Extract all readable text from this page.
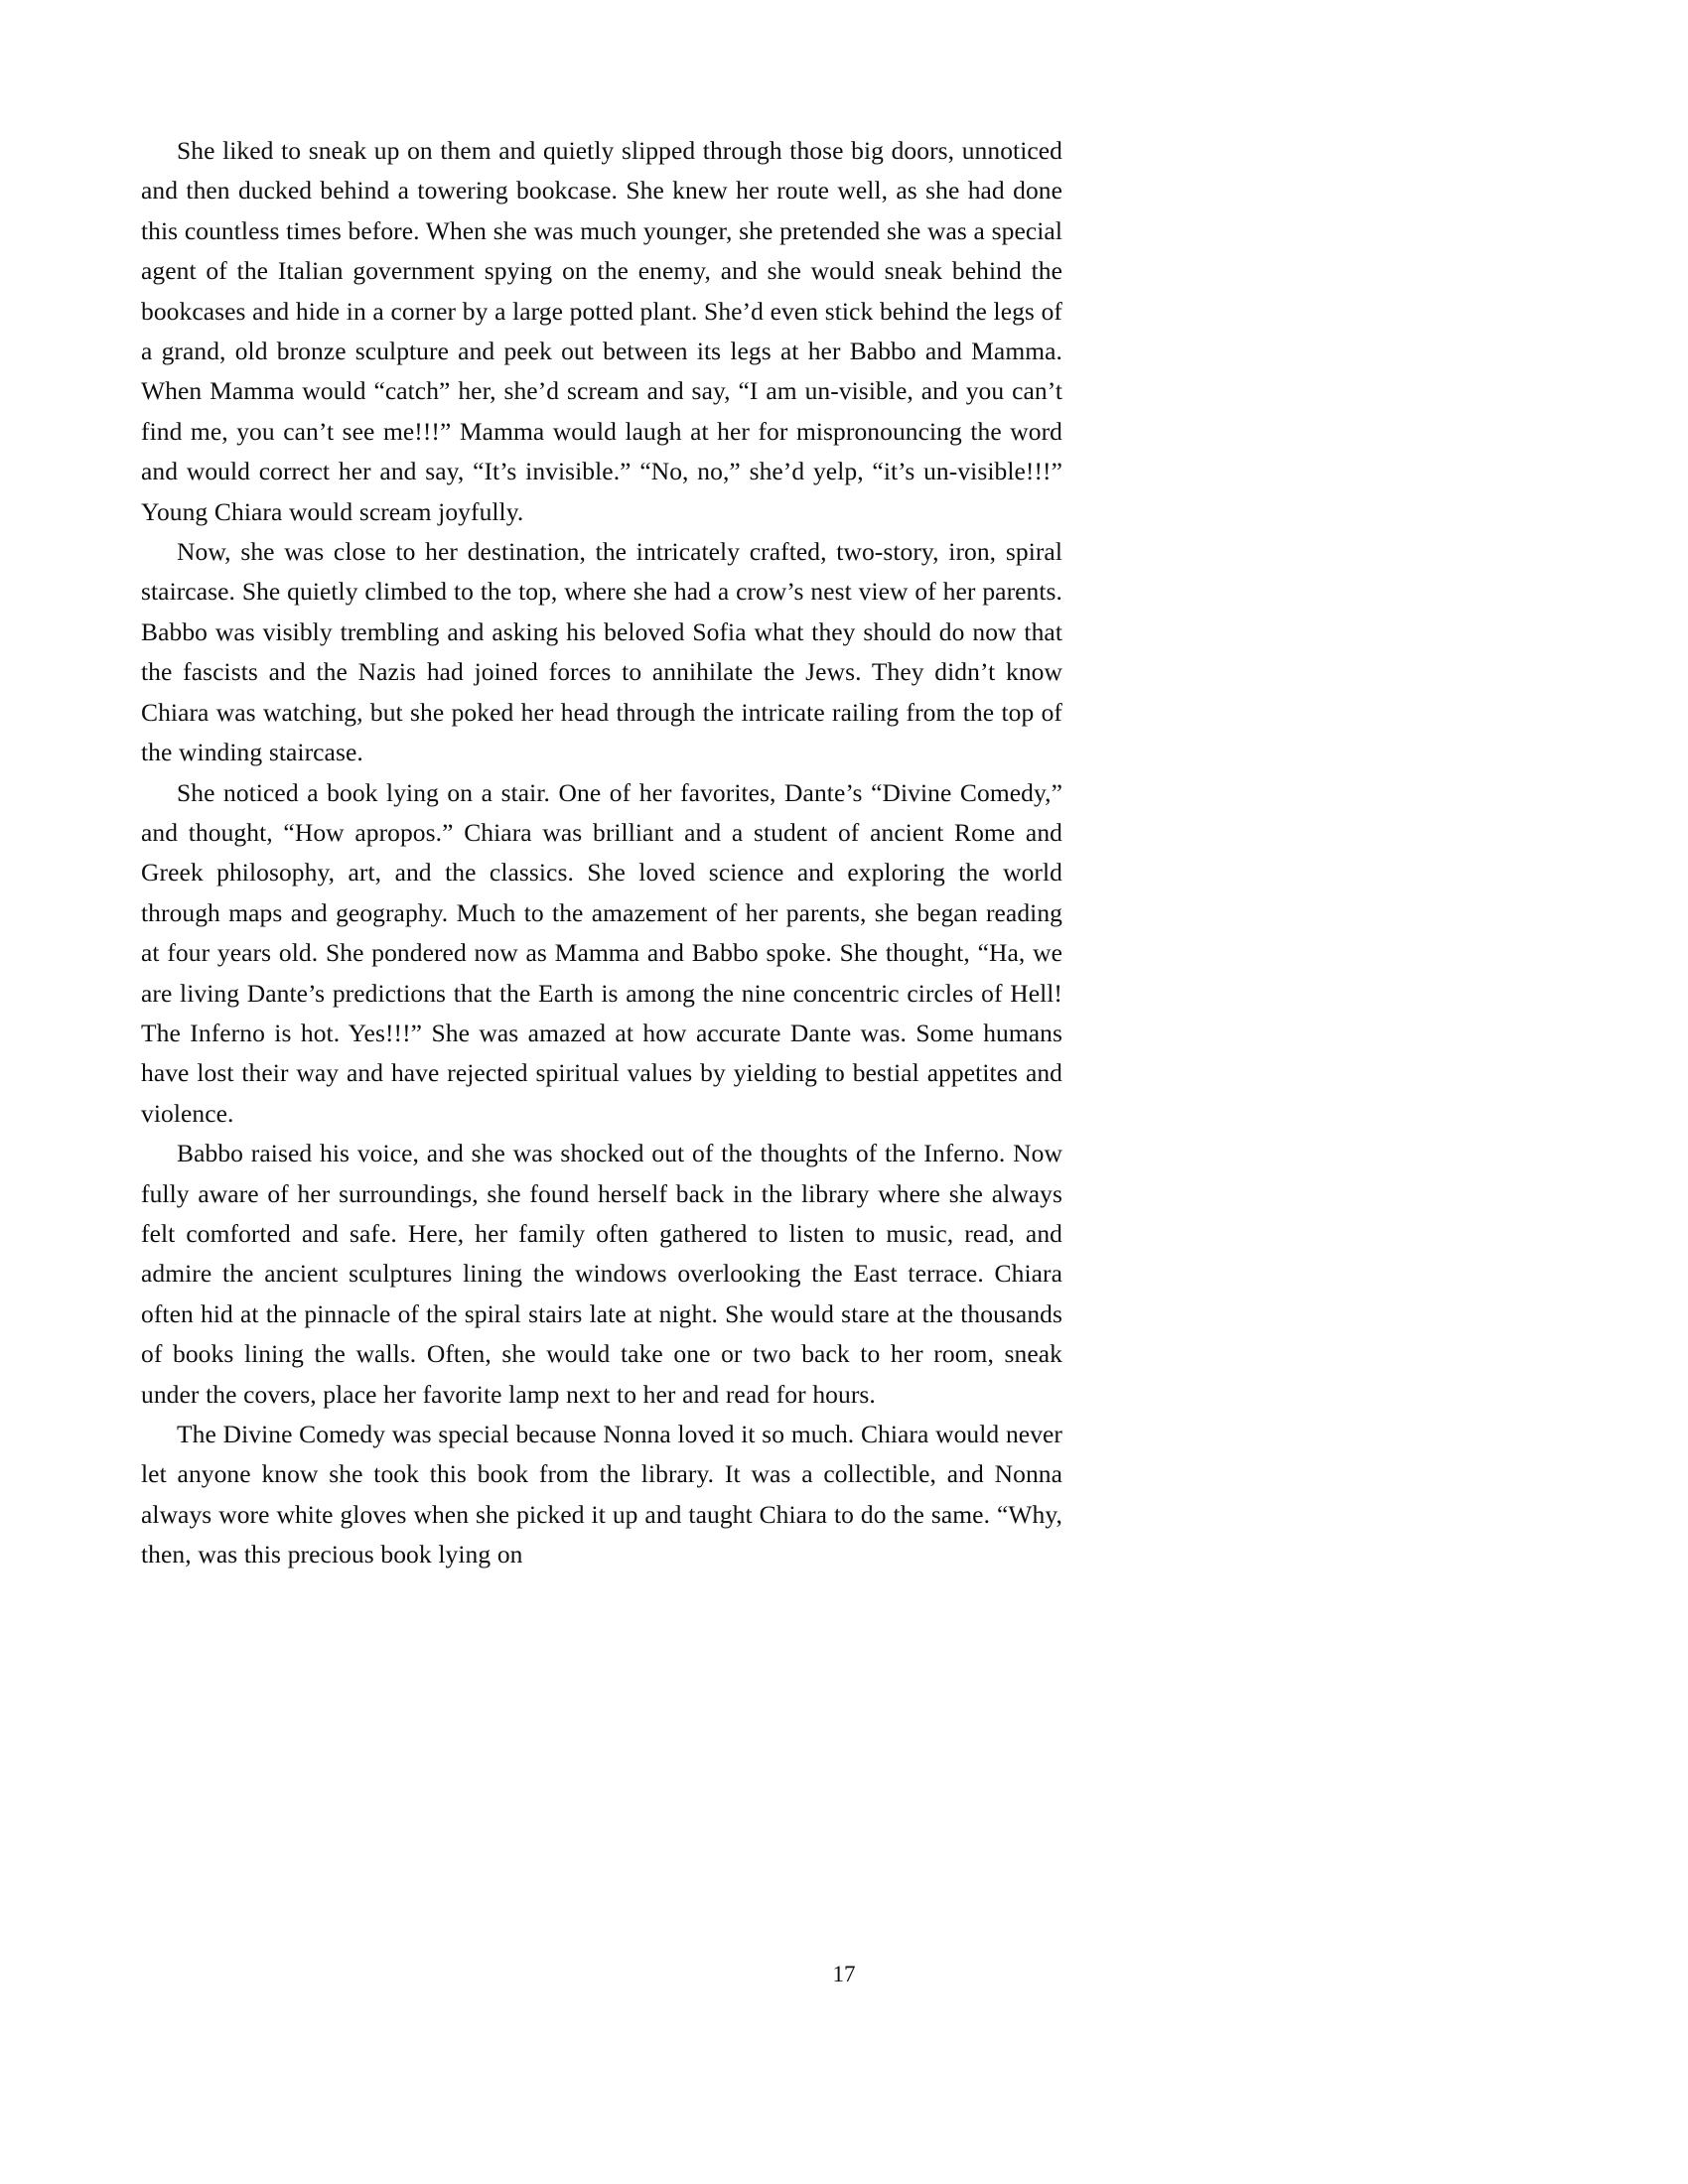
She liked to sneak up on them and quietly slipped through those big doors, unnoticed and then ducked behind a towering bookcase. She knew her route well, as she had done this countless times before. When she was much younger, she pretended she was a special agent of the Italian government spying on the enemy, and she would sneak behind the bookcases and hide in a corner by a large potted plant. She’d even stick behind the legs of a grand, old bronze sculpture and peek out between its legs at her Babbo and Mamma. When Mamma would “catch” her, she’d scream and say, “I am un-visible, and you can’t find me, you can’t see me!!!” Mamma would laugh at her for mispronouncing the word and would correct her and say, “It’s invisible.” “No, no,” she’d yelp, “it’s un-visible!!!” Young Chiara would scream joyfully.

Now, she was close to her destination, the intricately crafted, two-story, iron, spiral staircase. She quietly climbed to the top, where she had a crow’s nest view of her parents. Babbo was visibly trembling and asking his beloved Sofia what they should do now that the fascists and the Nazis had joined forces to annihilate the Jews. They didn’t know Chiara was watching, but she poked her head through the intricate railing from the top of the winding staircase.

She noticed a book lying on a stair. One of her favorites, Dante’s “Divine Comedy,” and thought, “How apropos.” Chiara was brilliant and a student of ancient Rome and Greek philosophy, art, and the classics. She loved science and exploring the world through maps and geography. Much to the amazement of her parents, she began reading at four years old. She pondered now as Mamma and Babbo spoke. She thought, “Ha, we are living Dante’s predictions that the Earth is among the nine concentric circles of Hell! The Inferno is hot. Yes!!!” She was amazed at how accurate Dante was. Some humans have lost their way and have rejected spiritual values by yielding to bestial appetites and violence.

Babbo raised his voice, and she was shocked out of the thoughts of the Inferno. Now fully aware of her surroundings, she found herself back in the library where she always felt comforted and safe. Here, her family often gathered to listen to music, read, and admire the ancient sculptures lining the windows overlooking the East terrace. Chiara often hid at the pinnacle of the spiral stairs late at night. She would stare at the thousands of books lining the walls. Often, she would take one or two back to her room, sneak under the covers, place her favorite lamp next to her and read for hours.

The Divine Comedy was special because Nonna loved it so much. Chiara would never let anyone know she took this book from the library. It was a collectible, and Nonna always wore white gloves when she picked it up and taught Chiara to do the same. “Why, then, was this precious book lying on

17
